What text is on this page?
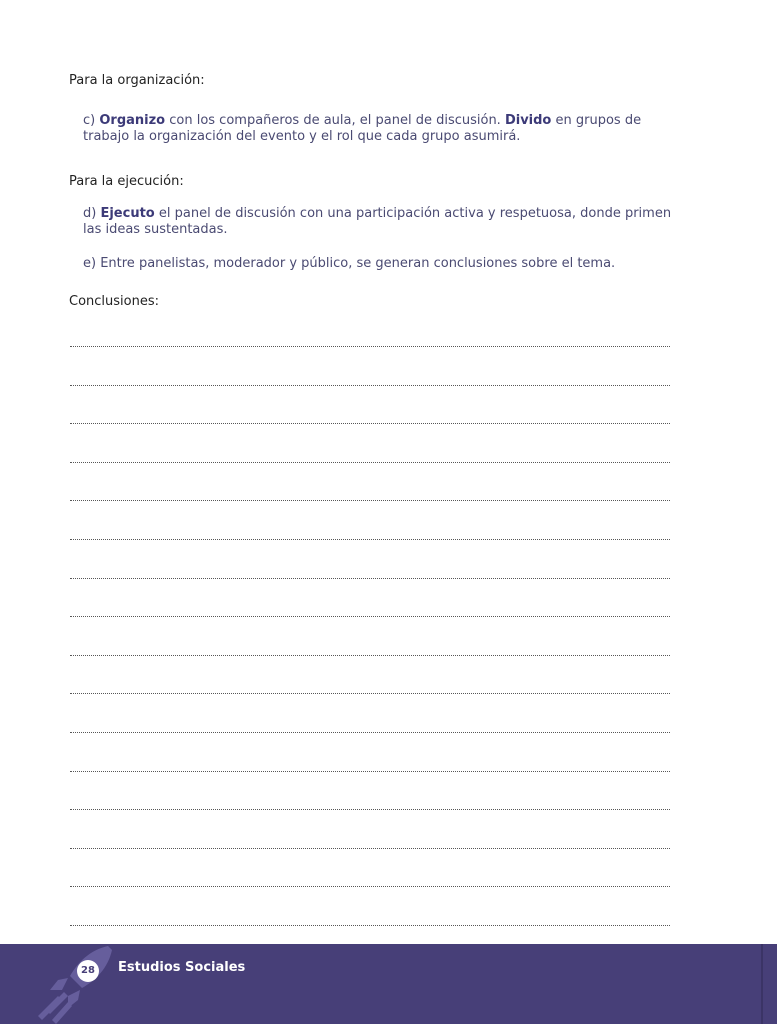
Para la organización:
c) Organizo con los compañeros de aula, el panel de discusión. Divido en grupos de trabajo la organización del evento y el rol que cada grupo asumirá.
Para la ejecución:
d) Ejecuto el panel de discusión con una participación activa y respetuosa, donde primen las ideas sustentadas.
e) Entre panelistas, moderador y público, se generan conclusiones sobre el tema.
Conclusiones:
28	Estudios Sociales
